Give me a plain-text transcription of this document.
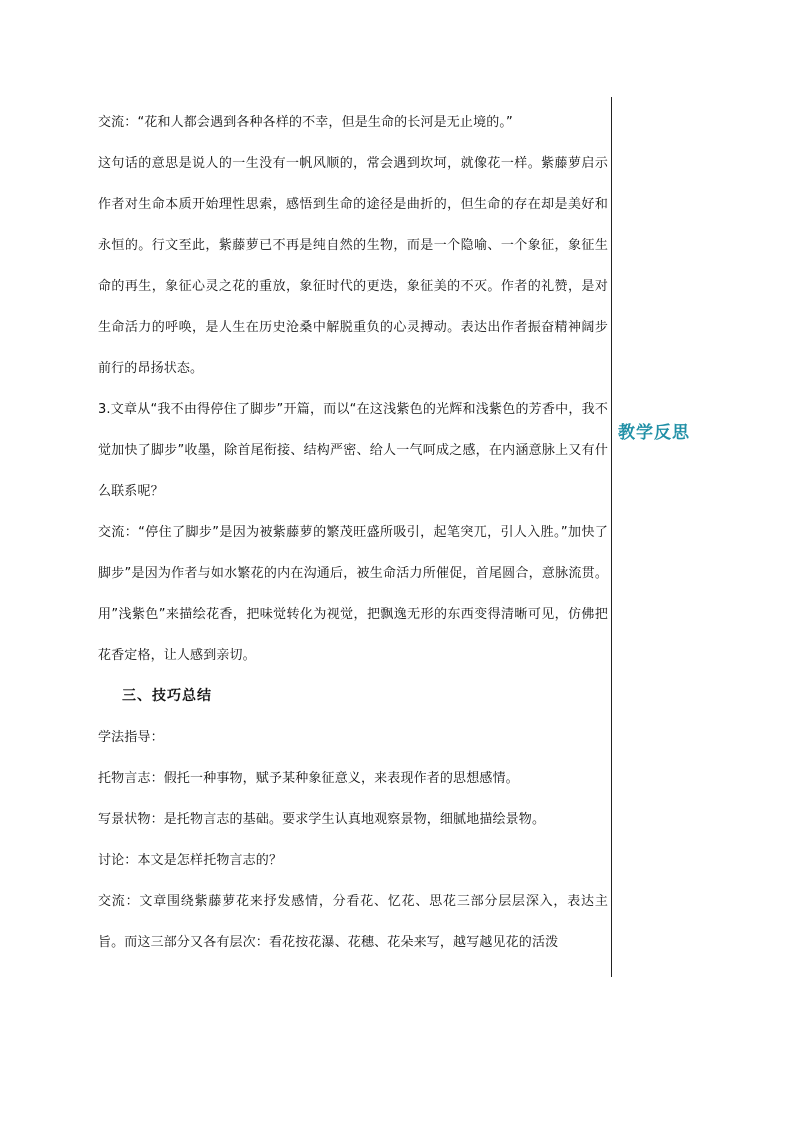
交流：“花和人都会遇到各种各样的不幸，但是生命的长河是无止境的。”

这句话的意思是说人的一生没有一帆风顺的，常会遇到坎坷，就像花一样。紫藤萝启示作者对生命本质开始理性思索，感悟到生命的途径是曲折的，但生命的存在却是美好和永恒的。行文至此，紫藤萝已不再是纯自然的生物，而是一个隐喻、一个象征，象征生命的再生，象征心灵之花的重放，象征时代的更迭，象征美的不灭。作者的礼赞，是对生命活力的呼唤，是人生在历史沧桑中解脱重负的心灵搏动。表达出作者振奋精神阔步前行的昂扬状态。

3.文章从“我不由得停住了脚步”开篇，而以“在这浅紫色的光辉和浅紫色的芳香中，我不觉加快了脚步”收墨，除首尾衔接、结构严密、给人一气呵成之感，在内涵意脉上又有什么联系呢？

交流：“停住了脚步”是因为被紫藤萝的繁茂旺盛所吸引，起笔突兀，引人入胜。”加快了脚步”是因为作者与如水繁花的内在沟通后，被生命活力所催促，首尾圆合，意脉流贯。用”浅紫色”来描绘花香，把味觉转化为视觉，把飘逸无形的东西变得清晰可见，仿佛把花香定格，让人感到亲切。

三、技巧总结

学法指导：

托物言志：假托一种事物，赋予某种象征意义，来表现作者的思想感情。

写景状物：是托物言志的基础。要求学生认真地观察景物，细腻地描绘景物。

讨论：本文是怎样托物言志的？

交流：文章围绕紫藤萝花来抒发感情，分看花、忆花、思花三部分层层深入，表达主旨。而这三部分又各有层次：看花按花瀑、花穗、花朵来写，越写越见花的活泼

教学反思
